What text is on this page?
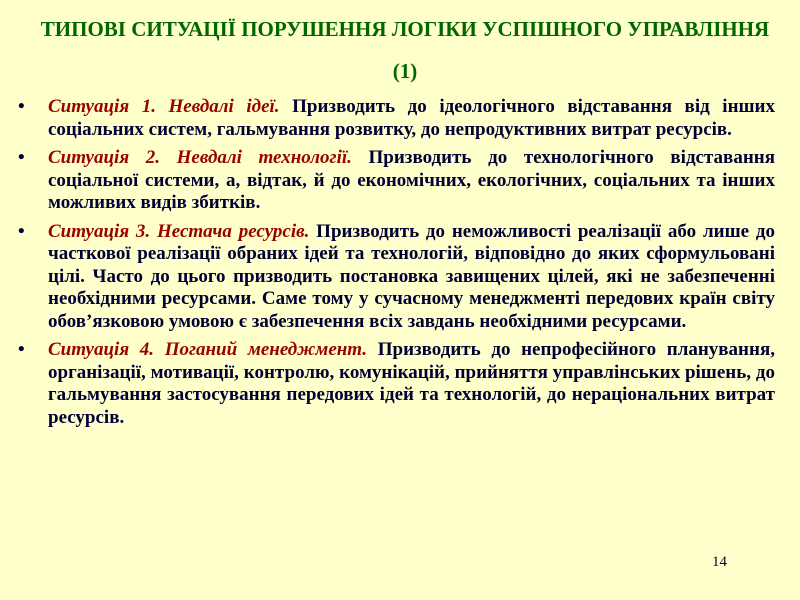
ТИПОВІ СИТУАЦІЇ ПОРУШЕННЯ ЛОГІКИ УСПІШНОГО УПРАВЛІННЯ (1)
•	Ситуація 1. Невдалі ідеї. Призводить до ідеологічного відставання від інших соціальних систем, гальмування розвитку, до непродуктивних витрат ресурсів.
•	Ситуація 2. Невдалі технології. Призводить до технологічного відставання соціальної системи, а, відтак, й до економічних, екологічних, соціальних та інших можливих видів збитків.
•	Ситуація 3. Нестача ресурсів. Призводить до неможливості реалізації або лише до часткової реалізації обраних ідей та технологій, відповідно до яких сформульовані цілі. Часто до цього призводить постановка завищених цілей, які не забезпеченні необхідними ресурсами. Саме тому у сучасному менеджменті передових країн світу обов’язковою умовою є забезпечення всіх завдань необхідними ресурсами.
•	Ситуація 4. Поганий менеджмент. Призводить до непрофесійного планування, організації, мотивації, контролю, комунікацій, прийняття управлінських рішень, до гальмування застосування передових ідей та технологій, до нераціональних витрат ресурсів.
14
